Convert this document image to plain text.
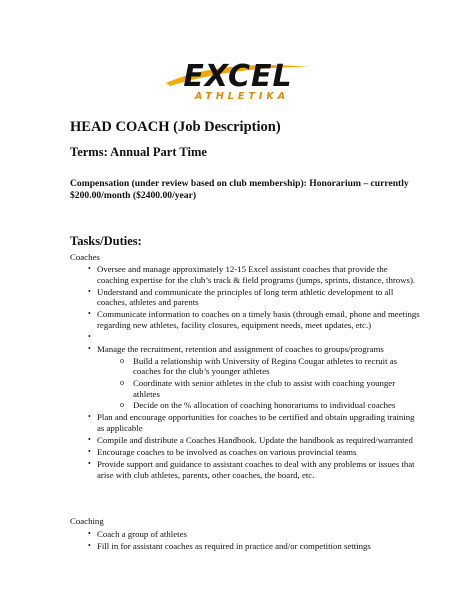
EXCEL
ATHLETIKA
HEAD COACH (Job Description)
Terms: Annual Part Time
Compensation (under review based on club membership): Honorarium – currently $200.00/month ($2400.00/year)
Tasks/Duties:
Coaches
• Oversee and manage approximately 12-15 Excel assistant coaches that provide the coaching expertise for the club’s track & field programs (jumps, sprints, distance, throws).
• Understand and communicate the principles of long term athletic development to all coaches, athletes and parents
• Communicate information to coaches on a timely basis (through email, phone and meetings regarding new athletes, facility closures, equipment needs, meet updates, etc.)
•
• Manage the recruitment, retention and assignment of coaches to groups/programs
o Build a relationship with University of Regina Cougar athletes to recruit as coaches for the club’s younger athletes
o Coordinate with senior athletes in the club to assist with coaching younger athletes
o Decide on the % allocation of coaching honorariums to individual coaches
• Plan and encourage opportunities for coaches to be certified and obtain upgrading training as applicable
• Compile and distribute a Coaches Handbook. Update the handbook as required/warranted
• Encourage coaches to be involved as coaches on various provincial teams
• Provide support and guidance to assistant coaches to deal with any problems or issues that arise with club athletes, parents, other coaches, the board, etc.
Coaching
• Coach a group of athletes
• Fill in for assistant coaches as required in practice and/or competition settings
